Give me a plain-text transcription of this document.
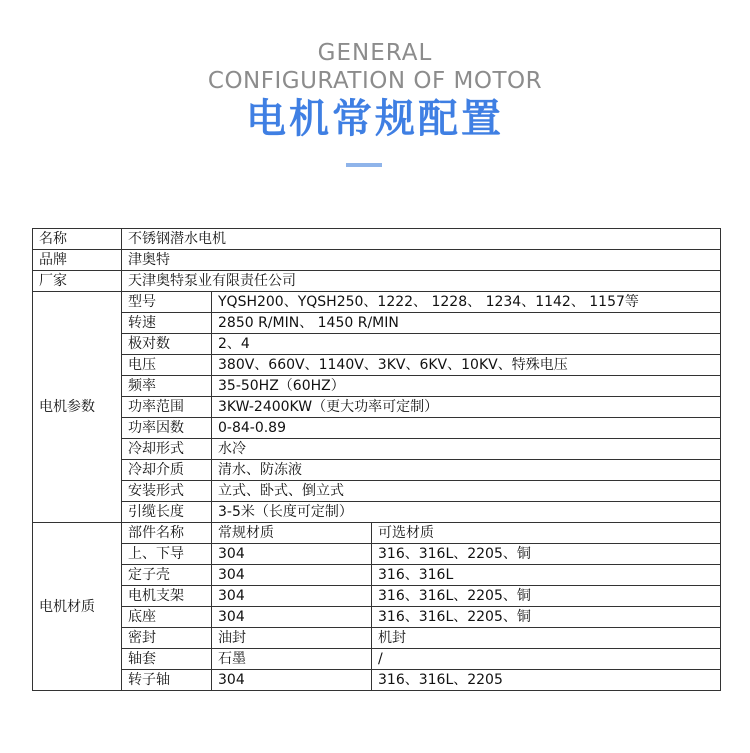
GENERAL
CONFIGURATION OF MOTOR
电机常规配置
名称	不锈钢潜水电机		
品牌	津奥特		
厂家	天津奥特泵业有限责任公司		
电机参数	型号	YQSH200、YQSH250、1222、 1228、 1234、1142、 1157等	
	转速	2850 R/MIN、 1450 R/MIN	
	极对数	2、4	
	电压	380V、660V、1140V、3KV、6KV、10KV、特殊电压	
	频率	35-50HZ（60HZ）	
	功率范围	3KW-2400KW（更大功率可定制）	
	功率因数	0-84-0.89	
	冷却形式	水冷	
	冷却介质	清水、防冻液	
	安装形式	立式、卧式、倒立式	
	引缆长度	3-5米（长度可定制）	
电机材质	部件名称	常规材质	可选材质
	上、下导	304	316、316L、2205、铜
	定子壳	304	316、316L
	电机支架	304	316、316L、2205、铜
	底座	304	316、316L、2205、铜
	密封	油封	机封
	轴套	石墨	/
	转子轴	304	316、316L、2205
